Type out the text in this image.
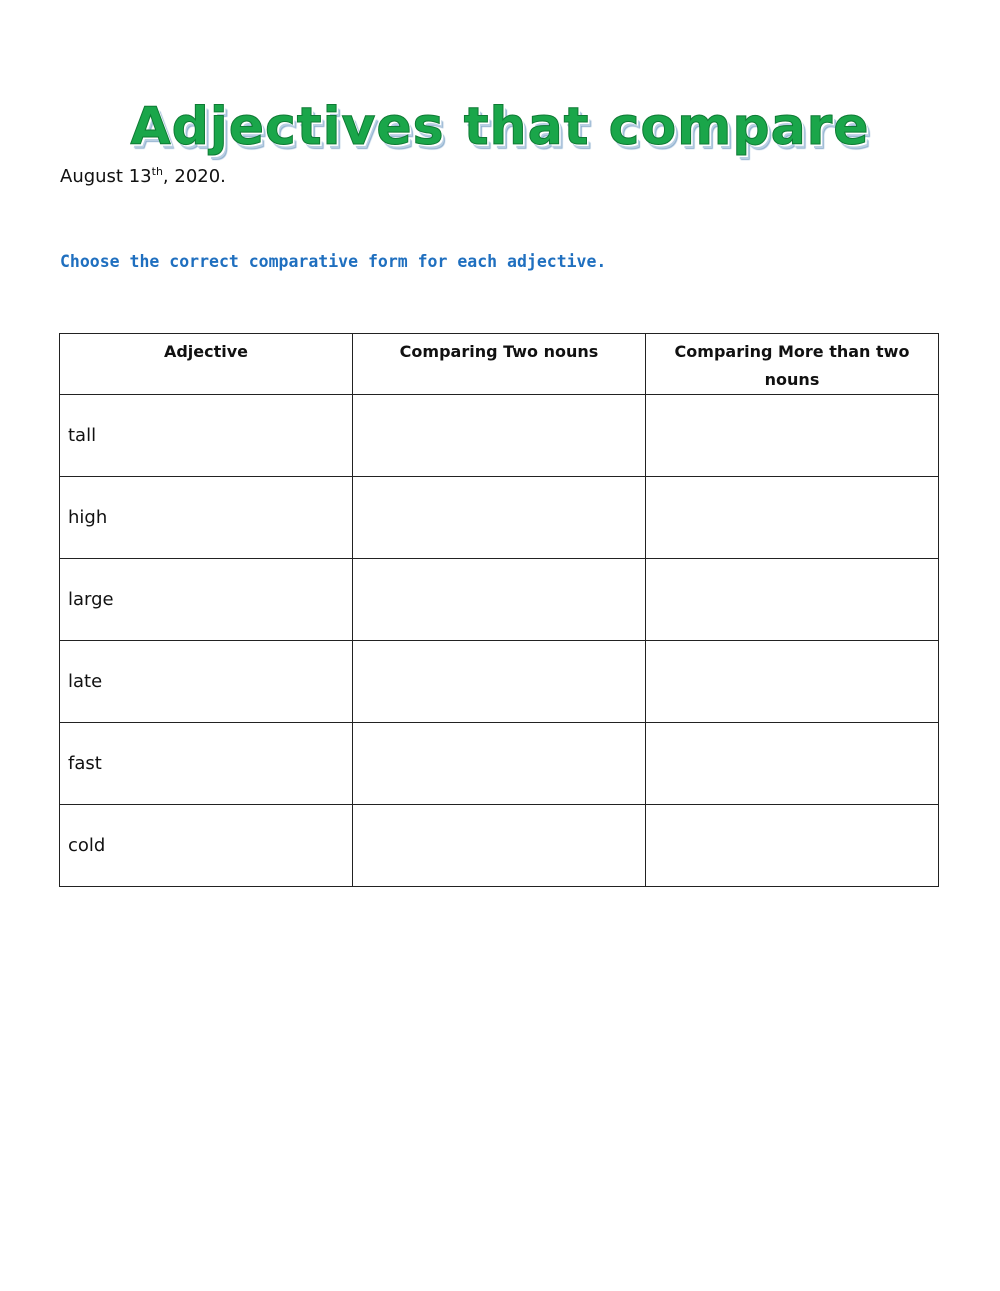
Adjectives that compare
August 13th, 2020.
Choose the correct comparative form for each adjective.
Adjective	Comparing Two nouns	Comparing More than two nouns
tall		
high		
large		
late		
fast		
cold		
